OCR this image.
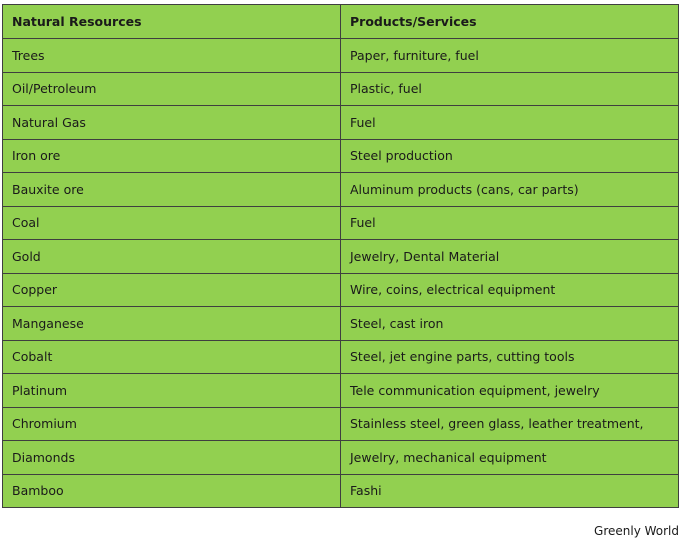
Natural Resources	Products/Services
Trees	Paper, furniture, fuel
Oil/Petroleum	Plastic, fuel
Natural Gas	Fuel
Iron ore	Steel production
Bauxite ore	Aluminum products (cans, car parts)
Coal	Fuel
Gold	Jewelry, Dental Material
Copper	Wire, coins, electrical equipment
Manganese	Steel, cast iron
Cobalt	Steel, jet engine parts, cutting tools
Platinum	Tele communication equipment, jewelry
Chromium	Stainless steel, green glass, leather treatment,
Diamonds	Jewelry, mechanical equipment
Bamboo	Fashi
Greenly World
